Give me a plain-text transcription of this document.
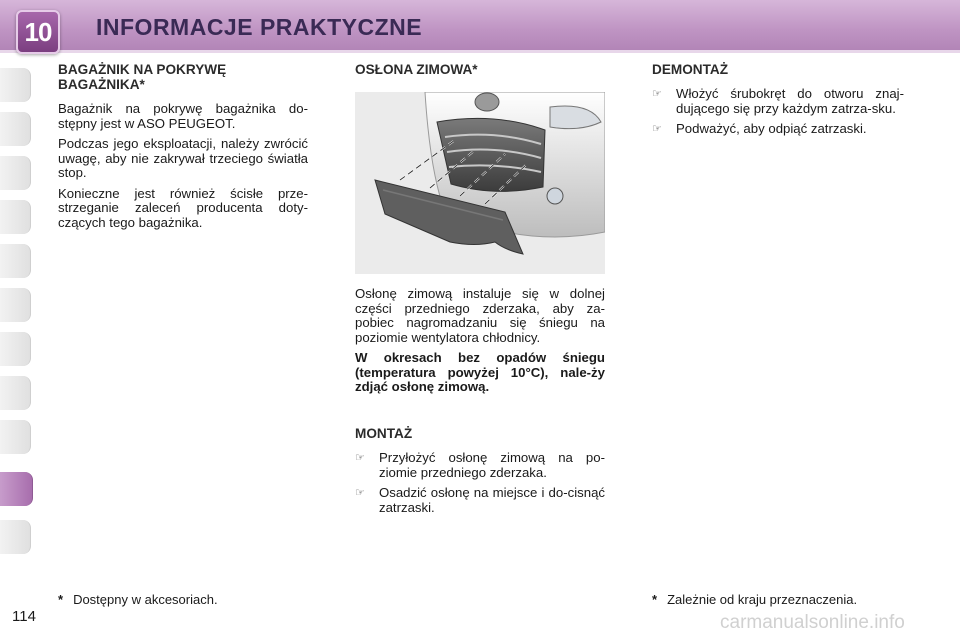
10	INFORMACJE PRAKTYCZNE
BAGAŻNIK NA POKRYWĘ BAGAŻNIKA*

Bagażnik na pokrywę bagażnika do-stępny jest w ASO PEUGEOT.

Podczas jego eksploatacji, należy zwrócić uwagę, aby nie zakrywał trzeciego światła stop.

Konieczne jest również ścisłe prze-strzeganie zaleceń producenta doty-czących tego bagażnika.

OSŁONA ZIMOWA*

Osłonę zimową instaluje się w dolnej części przedniego zderzaka, aby za-pobiec nagromadzaniu się śniegu na poziomie wentylatora chłodnicy.

W okresach bez opadów śniegu (temperatura powyżej 10°C), nale-ży zdjąć osłonę zimową.

MONTAŻ
☞ Przyłożyć osłonę zimową na po-ziomie przedniego zderzaka.
☞ Osadzić osłonę na miejsce i do-cisnąć zatrzaski.
DEMONTAŻ
☞ Włożyć śrubokręt do otworu znaj-dującego się przy każdym zatrza-sku.
☞ Podważyć, aby odpiąć zatrzaski.
* Dostępny w akcesoriach.	* Zależnie od kraju przeznaczenia.
114	carmanualsonline.info
